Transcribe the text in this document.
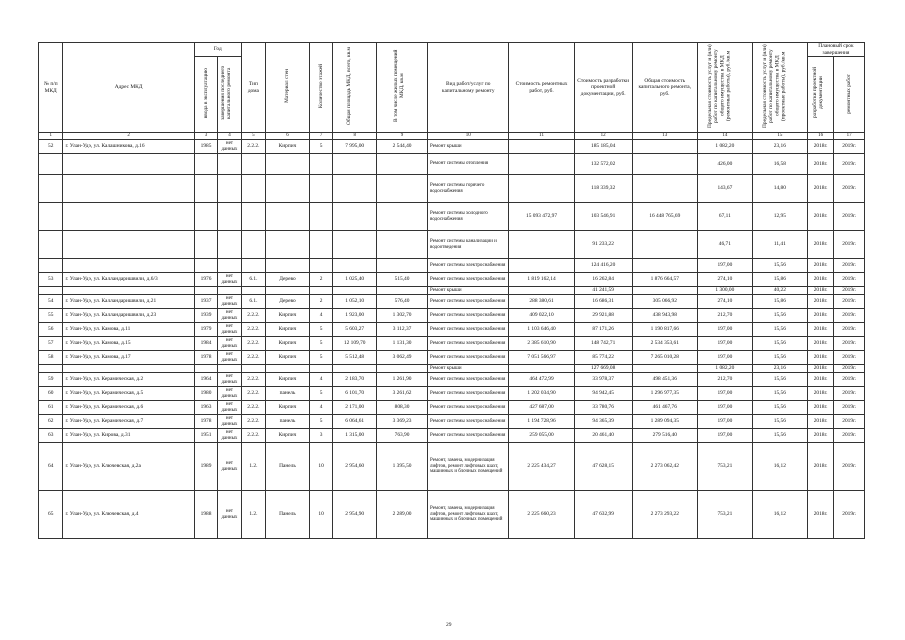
№ п/п МКД	Адрес МКД	Год		Тип дома	Материал стен	Количество этажей	Общая площадь МКД, всего, кв.м	В том числе жилых помещений МКД, кв.м	Вид работ/услуг по капитальному ремонту	Стоимость ремонтных работ, руб.	Стоимость разработки проектной документации, руб.	Общая стоимость капитального ремонта, руб.	Предельная стоимость услуг и (или) работ по капитальному ремонту общего имущества в МКД (ремонтные работы), руб./кв.м	Предельная стоимость услуг и (или) работ по капитальному ремонту общего имущества в МКД (проектные работы), руб./кв.м	Плановый срок завершения	
		ввода в эксплуатацию	завершения последнего капитального ремонта												разработки проектной документации	ремонтных работ
1	2	3	4	5	6	7	8	9	10	11	12	13	14	15	16	17
52	г. Улан-Удэ, ул. Калашникова, д.16	1985	нет данных	2.2.2.	Кирпич	5	7 995,00	2 544,40	Ремонт крыши		185 185,04		1 082,20	23,16	2018г.	2019г.
									Ремонт системы отопления		132 572,02		426,00	16,58	2018г.	2019г.
									Ремонт системы горячего водоснабжения		118 339,32		143,67	14,80	2018г.	2019г.
									Ремонт системы холодного водоснабжения	15 093 472,97	103 546,91	16 448 765,69	67,11	12,95	2018г.	2019г.
									Ремонт системы канализации и водоотведения		91 233,22		46,71	11,41	2018г.	2019г.
									Ремонт системы электроснабжения		124 416,20		197,00	15,56	2018г.	2019г.
53	г. Улан-Удэ, ул. Калландаришвили, д.6/3	1976	нет данных	6.1.	Дерево	2	1 025,40	515,40	Ремонт системы электроснабжения	1 819 162,14	16 262,84	1 876 664,57	274,10	15,86	2018г.	2019г.
									Ремонт крыши		41 241,59		1 300,00	40,22	2018г.	2019г.
54	г. Улан-Удэ, ул. Калландаришвили, д.21	1937	нет данных	6.1.	Дерево	2	1 052,10	576,40	Ремонт системы электроснабжения	288 380,61	16 686,31	305 066,92	274,10	15,86	2018г.	2019г.
55	г. Улан-Удэ, ул. Калландаришвили, д.23	1939	нет данных	2.2.2.	Кирпич	4	1 923,00	1 302,70	Ремонт системы электроснабжения	409 022,10	29 921,88	438 943,98	212,70	15,56	2018г.	2019г.
56	г. Улан-Удэ, ул. Камова, д.11	1979	нет данных	2.2.2.	Кирпич	5	5 603,27	3 112,37	Ремонт системы электроснабжения	1 103 646,40	87 171,26	1 190 817,66	197,00	15,56	2018г.	2019г.
57	г. Улан-Удэ, ул. Камова, д.15	1984	нет данных	2.2.2.	Кирпич	5	12 109,70	1 131,30	Ремонт системы электроснабжения	2 385 610,90	148 742,71	2 534 353,61	197,00	15,56	2018г.	2019г.
58	г. Улан-Удэ, ул. Камова, д.17	1978	нет данных	2.2.2.	Кирпич	5	5 512,48	3 062,49	Ремонт системы электроснабжения	7 051 566,97	85 774,22	7 265 010,28	197,00	15,56	2018г.	2019г.
									Ремонт крыши		127 669,08		1 082,20	23,16	2018г.	2019г.
59	г. Улан-Удэ, ул. Керамическая, д.2	1964	нет данных	2.2.2.	Кирпич	4	2 183,70	1 261,90	Ремонт системы электроснабжения	464 472,99	33 978,37	498 451,36	212,70	15,56	2018г.	2019г.
60	г. Улан-Удэ, ул. Керамическая, д.5	1980	нет данных	2.2.2.	панель	5	6 101,70	3 261,62	Ремонт системы электроснабжения	1 202 034,90	94 942,45	1 296 977,35	197,00	15,56	2018г.	2019г.
61	г. Улан-Удэ, ул. Керамическая, д.6	1963	нет данных	2.2.2.	Кирпич	4	2 171,00	808,30	Ремонт системы электроснабжения	427 687,00	33 780,76	461 467,76	197,00	15,56	2018г.	2019г.
62	г. Улан-Удэ, ул. Керамическая, д.7	1978	нет данных	2.2.2.	панель	5	6 064,61	3 369,23	Ремонт системы электроснабжения	1 194 728,96	94 365,39	1 289 094,35	197,00	15,56	2018г.	2019г.
63	г. Улан-Удэ, ул. Кирова, д.31	1951	нет данных	2.2.2.	Кирпич	3	1 315,00	763,90	Ремонт системы электроснабжения	259 055,00	20 461,40	279 516,40	197,00	15,56	2018г.	2019г.
64	г. Улан-Удэ, ул. Ключевская, д.2а	1989	нет данных	1.2.	Панель	10	2 954,60	1 395,50	Ремонт, замена, модернизация лифтов, ремонт лифтовых шахт, машинных и блочных помещений	2 225 434,27	47 628,15	2 273 062,42	753,21	16,12	2018г.	2019г.
65	г. Улан-Удэ, ул. Ключевская, д.4	1988	нет данных	1.2.	Панель	10	2 954,90	2 289,00	Ремонт, замена, модернизация лифтов, ремонт лифтовых шахт, машинных и блочных помещений	2 225 660,23	47 632,99	2 273 293,22	753,21	16,12	2018г.	2019г.
29
